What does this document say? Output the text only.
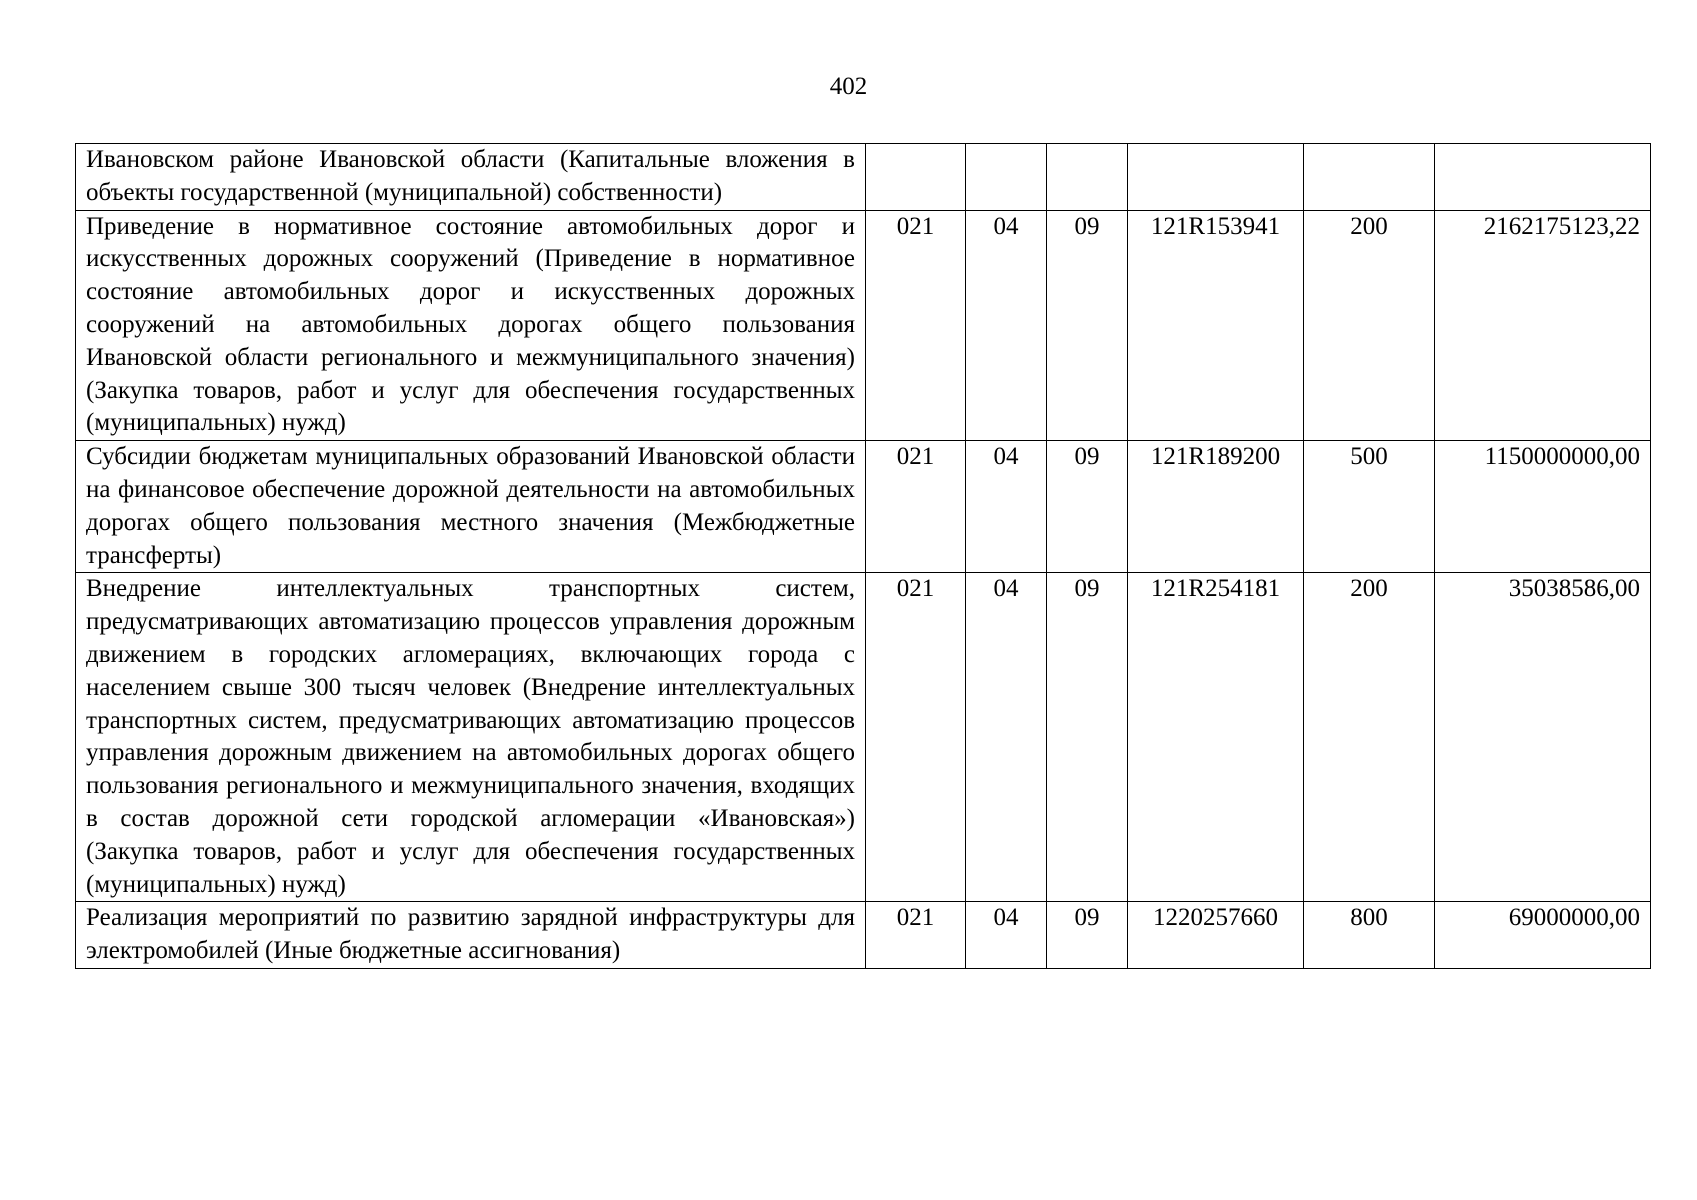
402
Ивановском районе Ивановской области (Капитальные вложения в объекты государственной (муниципальной) собственности)						
Приведение в нормативное состояние автомобильных дорог и искусственных дорожных сооружений (Приведение в нормативное состояние автомобильных дорог и искусственных дорожных сооружений на автомобильных дорогах общего пользования Ивановской области регионального и межмуниципального значения) (Закупка товаров, работ и услуг для обеспечения государственных (муниципальных) нужд)	021	04	09	121R153941	200	2162175123,22
Субсидии бюджетам муниципальных образований Ивановской области на финансовое обеспечение дорожной деятельности на автомобильных дорогах общего пользования местного значения (Межбюджетные трансферты)	021	04	09	121R189200	500	1150000000,00
Внедрение интеллектуальных транспортных систем, предусматривающих автоматизацию процессов управления дорожным движением в городских агломерациях, включающих города с населением свыше 300 тысяч человек (Внедрение интеллектуальных транспортных систем, предусматривающих автоматизацию процессов управления дорожным движением на автомобильных дорогах общего пользования регионального и межмуниципального значения, входящих в состав дорожной сети городской агломерации «Ивановская») (Закупка товаров, работ и услуг для обеспечения государственных (муниципальных) нужд)	021	04	09	121R254181	200	35038586,00
Реализация мероприятий по развитию зарядной инфраструктуры для электромобилей (Иные бюджетные ассигнования)	021	04	09	1220257660	800	69000000,00
